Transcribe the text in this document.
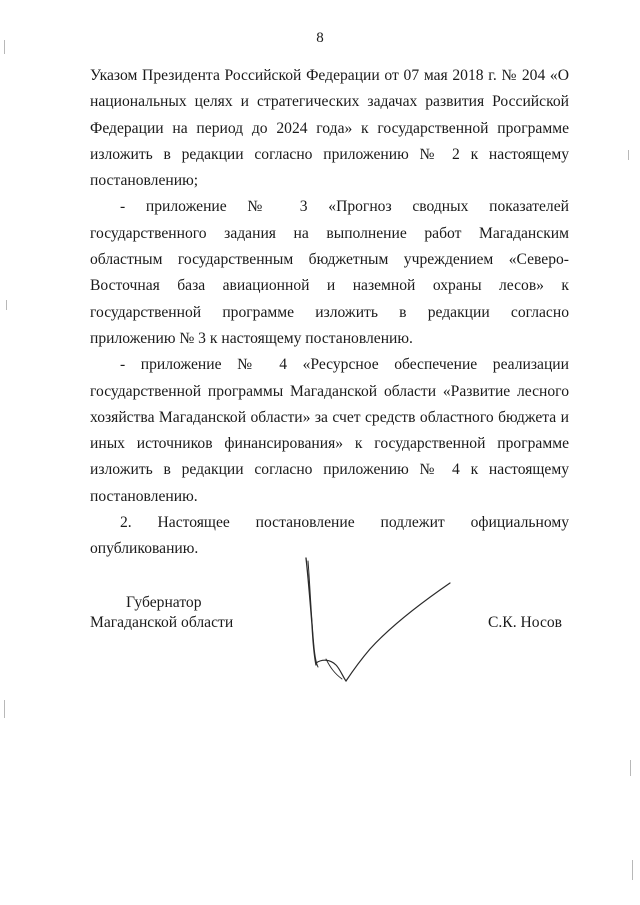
8

Указом Президента Российской Федерации от 07 мая 2018 г. № 204 «О национальных целях и стратегических задачах развития Российской Федерации на период до 2024 года» к государственной программе изложить в редакции согласно приложению № 2 к настоящему постановлению;

- приложение № 3 «Прогноз сводных показателей государственного задания на выполнение работ Магаданским областным государственным бюджетным учреждением «Северо-Восточная база авиационной и наземной охраны лесов» к государственной программе изложить в редакции согласно приложению № 3 к настоящему постановлению.

- приложение № 4 «Ресурсное обеспечение реализации государственной программы Магаданской области «Развитие лесного хозяйства Магаданской области» за счет средств областного бюджета и иных источников финансирования» к государственной программе изложить в редакции согласно приложению № 4 к настоящему постановлению.

2. Настоящее постановление подлежит официальному опубликованию.

Губернатор
Магаданской области	С.К. Носов
